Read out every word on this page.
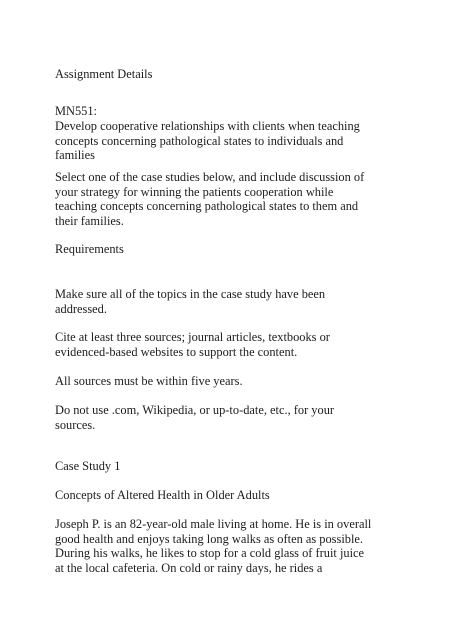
Assignment Details

MN551:

Develop cooperative relationships with clients when teaching
concepts concerning pathological states to individuals and
families

Select one of the case studies below, and include discussion of
your strategy for winning the patients cooperation while
teaching concepts concerning pathological states to them and
their families.

Requirements

Make sure all of the topics in the case study have been
addressed.

Cite at least three sources; journal articles, textbooks or
evidenced-based websites to support the content.

All sources must be within five years.

Do not use .com, Wikipedia, or up-to-date, etc., for your
sources.

Case Study 1

Concepts of Altered Health in Older Adults

Joseph P. is an 82-year-old male living at home. He is in overall
good health and enjoys taking long walks as often as possible.
During his walks, he likes to stop for a cold glass of fruit juice
at the local cafeteria. On cold or rainy days, he rides a
